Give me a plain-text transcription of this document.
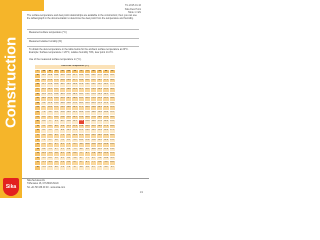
Construction
TG 2015.01.16
Sika Dew Point
Table 1 / EN
The surface-temperature and dew point relationships are available in the construction; then you can use the tables/graph in the documentation to determine the dew point from the temperature and humidity.
Measured surface temperature (°C)
Measured relative humidity (%)
To obtain the dew temperature in the table below for the ambient surface temperature at 20°C. Example: Surface temperature = 20°C, relative humidity 70%, dew point 14.4°C.
Use of the measured surface temperature in (°C).
Dew Point Temperature (°C)												
°C	40	45	50	55	60	65	70	75	80	85	90	95
30	14.9	16.8	18.4	19.9	21.4	22.7	23.9	25.1	26.2	27.2	28.2	29.1
29	14.0	15.9	17.5	19.0	20.4	21.7	23.0	24.1	25.2	26.2	27.2	28.1
28	13.1	15.0	16.6	18.1	19.5	20.8	22.0	23.2	24.2	25.2	26.2	27.1
27	12.2	14.1	15.7	17.2	18.6	19.9	21.1	22.2	23.3	24.3	25.2	26.1
26	11.4	13.2	14.8	16.3	17.6	18.9	20.1	21.2	22.3	23.3	24.2	25.1
25	10.5	12.3	13.9	15.3	16.7	18.0	19.1	20.3	21.3	22.3	23.2	24.1
24	9.6	11.4	13.0	14.4	15.8	17.0	18.2	19.3	20.3	21.3	22.3	23.1
23	8.7	10.5	12.1	13.5	14.8	16.1	17.2	18.3	19.4	20.3	21.3	22.2
22	7.8	9.6	11.1	12.6	13.9	15.1	16.3	17.4	18.4	19.4	20.3	21.2
21	6.9	8.7	10.2	11.6	12.9	14.2	15.3	16.4	17.4	18.4	19.3	20.2
20	6.0	7.7	9.3	10.7	12.0	13.2	14.4	15.4	16.4	17.4	18.3	19.2
19	5.1	6.8	8.4	9.8	11.1	12.3	13.4	14.5	15.5	16.4	17.3	18.2
18	4.2	5.9	7.4	8.8	10.1	11.3	12.5	13.5	14.5	15.4	16.3	17.2
17	3.3	5.0	6.5	7.9	9.2	10.4	11.5	12.5	13.5	14.5	15.3	16.2
16	2.4	4.1	5.6	7.0	8.2	9.4	10.5	11.6	12.6	13.5	14.4	15.2
15	1.5	3.2	4.7	6.1	7.3	8.5	9.6	10.6	11.6	12.5	13.4	14.2
14	0.6	2.3	3.7	5.1	6.4	7.5	8.6	9.6	10.6	11.5	12.4	13.2
13	-0.3	1.3	2.8	4.2	5.4	6.6	7.7	8.7	9.6	10.5	11.4	12.2
12	-1.2	0.4	1.9	3.2	4.5	5.6	6.7	7.7	8.7	9.6	10.4	11.2
11	-2.1	-0.5	1.0	2.3	3.5	4.7	5.7	6.7	7.7	8.6	9.4	10.2
10	-2.9	-1.4	0.0	1.4	2.6	3.7	4.8	5.8	6.7	7.6	8.4	9.2
Sika
Sika Services AG
Tüffenwies 16, CH-8048 Zürich
Tel +41 58 436 40 40 · www.sika.com
1/1
